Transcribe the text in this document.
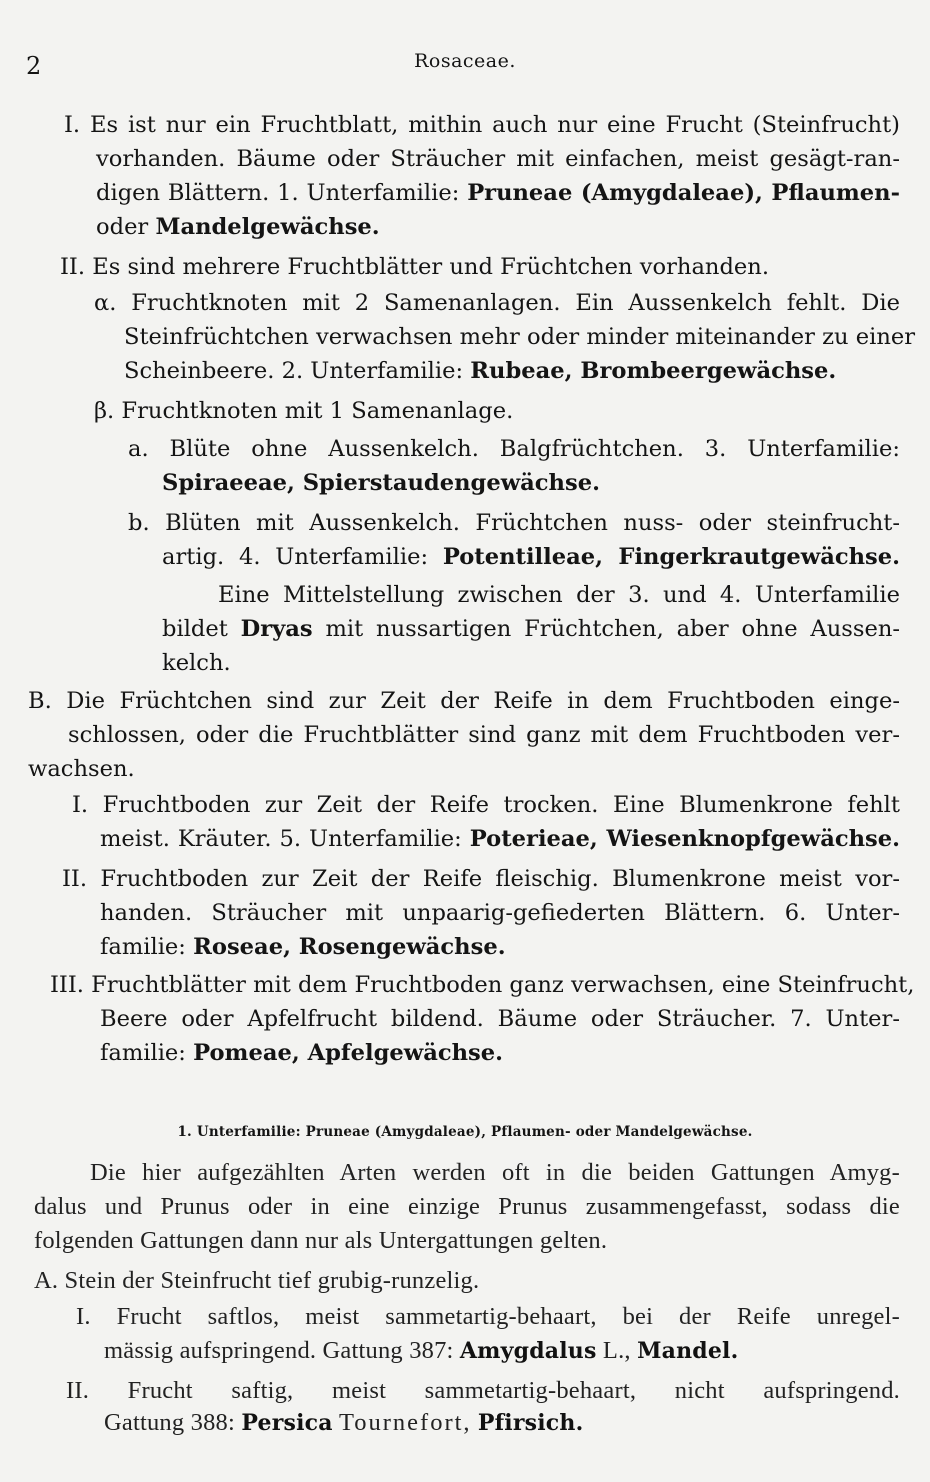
2	Rosaceae.
I. Es ist nur ein Fruchtblatt, mithin auch nur eine Frucht (Steinfrucht)
vorhanden. Bäume oder Sträucher mit einfachen, meist gesägt-ran-
digen Blättern. 1. Unterfamilie: Pruneae (Amygdaleae), Pflaumen-
oder Mandelgewächse.
II. Es sind mehrere Fruchtblätter und Früchtchen vorhanden.
α. Fruchtknoten mit 2 Samenanlagen. Ein Aussenkelch fehlt. Die
Steinfrüchtchen verwachsen mehr oder minder miteinander zu einer
Scheinbeere. 2. Unterfamilie: Rubeae, Brombeergewächse.
β. Fruchtknoten mit 1 Samenanlage.
a. Blüte ohne Aussenkelch. Balgfrüchtchen. 3. Unterfamilie:
Spiraeeae, Spierstaudengewächse.
b. Blüten mit Aussenkelch. Früchtchen nuss- oder steinfrucht-
artig. 4. Unterfamilie: Potentilleae, Fingerkrautgewächse.
Eine Mittelstellung zwischen der 3. und 4. Unterfamilie
bildet Dryas mit nussartigen Früchtchen, aber ohne Aussen-
kelch.
B. Die Früchtchen sind zur Zeit der Reife in dem Fruchtboden einge-
schlossen, oder die Fruchtblätter sind ganz mit dem Fruchtboden ver-
wachsen.
I. Fruchtboden zur Zeit der Reife trocken. Eine Blumenkrone fehlt
meist. Kräuter. 5. Unterfamilie: Poterieae, Wiesenknopfgewächse.
II. Fruchtboden zur Zeit der Reife fleischig. Blumenkrone meist vor-
handen. Sträucher mit unpaarig-gefiederten Blättern. 6. Unter-
familie: Roseae, Rosengewächse.
III. Fruchtblätter mit dem Fruchtboden ganz verwachsen, eine Steinfrucht,
Beere oder Apfelfrucht bildend. Bäume oder Sträucher. 7. Unter-
familie: Pomeae, Apfelgewächse.
1. Unterfamilie: Pruneae (Amygdaleae), Pflaumen- oder Mandelgewächse.
Die hier aufgezählten Arten werden oft in die beiden Gattungen Amyg-
dalus und Prunus oder in eine einzige Prunus zusammengefasst, sodass die
folgenden Gattungen dann nur als Untergattungen gelten.
A. Stein der Steinfrucht tief grubig-runzelig.
I. Frucht saftlos, meist sammetartig-behaart, bei der Reife unregel-
mässig aufspringend. Gattung 387: Amygdalus L., Mandel.
II. Frucht saftig, meist sammetartig-behaart, nicht aufspringend.
Gattung 388: Persica Tournefort, Pfirsich.
